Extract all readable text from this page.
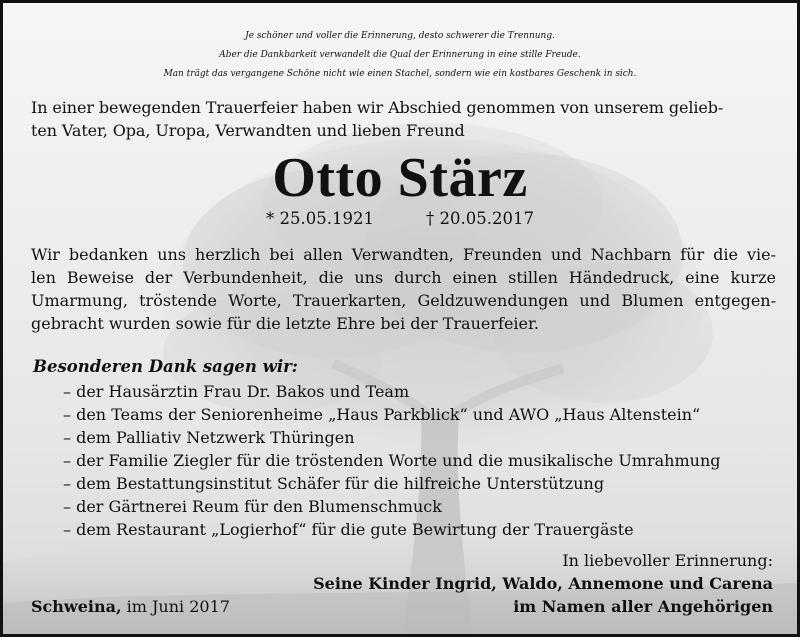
Je schöner und voller die Erinnerung, desto schwerer die Trennung.
Aber die Dankbarkeit verwandelt die Qual der Erinnerung in eine stille Freude.
Man trägt das vergangene Schöne nicht wie einen Stachel, sondern wie ein kostbares Geschenk in sich.
In einer bewegenden Trauerfeier haben wir Abschied genommen von unserem gelieb-
ten Vater, Opa, Uropa, Verwandten und lieben Freund
Otto Stärz
* 25.05.1921	† 20.05.2017
Wir bedanken uns herzlich bei allen Verwandten, Freunden und Nachbarn für die vie-
len Beweise der Verbundenheit, die uns durch einen stillen Händedruck, eine kurze
Umarmung, tröstende Worte, Trauerkarten, Geldzuwendungen und Blumen entgegen-
gebracht wurden sowie für die letzte Ehre bei der Trauerfeier.
Besonderen Dank sagen wir:
– der Hausärztin Frau Dr. Bakos und Team
– den Teams der Seniorenheime „Haus Parkblick“ und AWO „Haus Altenstein“
– dem Palliativ Netzwerk Thüringen
– der Familie Ziegler für die tröstenden Worte und die musikalische Umrahmung
– dem Bestattungsinstitut Schäfer für die hilfreiche Unterstützung
– der Gärtnerei Reum für den Blumenschmuck
– dem Restaurant „Logierhof“ für die gute Bewirtung der Trauergäste
In liebevoller Erinnerung:
Seine Kinder Ingrid, Waldo, Annemone und Carena
im Namen aller Angehörigen
Schweina, im Juni 2017
